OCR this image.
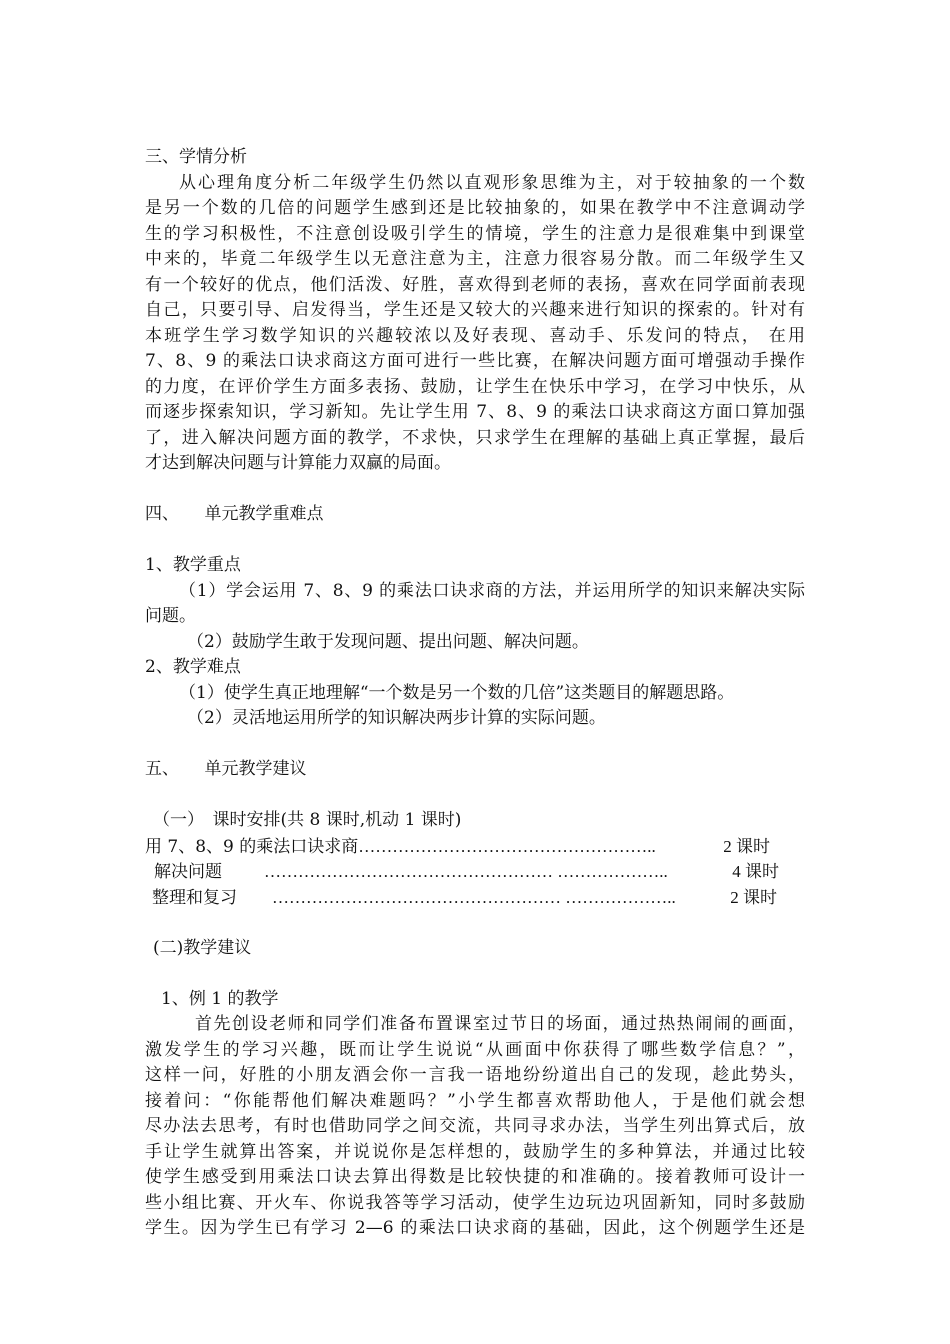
三、学情分析
从心理角度分析二年级学生仍然以直观形象思维为主，对于较抽象的一个数
是另一个数的几倍的问题学生感到还是比较抽象的，如果在教学中不注意调动学
生的学习积极性，不注意创设吸引学生的情境，学生的注意力是很难集中到课堂
中来的，毕竟二年级学生以无意注意为主，注意力很容易分散。而二年级学生又
有一个较好的优点，他们活泼、好胜，喜欢得到老师的表扬，喜欢在同学面前表现
自己，只要引导、启发得当，学生还是又较大的兴趣来进行知识的探索的。针对有
本班学生学习数学知识的兴趣较浓以及好表现、喜动手、乐发问的特点， 在用
7、8、9 的乘法口诀求商这方面可进行一些比赛，在解决问题方面可增强动手操作
的力度，在评价学生方面多表扬、鼓励，让学生在快乐中学习，在学习中快乐，从
而逐步探索知识，学习新知。先让学生用 7、8、9 的乘法口诀求商这方面口算加强
了，进入解决问题方面的教学，不求快，只求学生在理解的基础上真正掌握，最后
才达到解决问题与计算能力双赢的局面。
四、　　单元教学重难点
1、教学重点
（1）学会运用 7、8、9 的乘法口诀求商的方法，并运用所学的知识来解决实际
问题。
（2）鼓励学生敢于发现问题、提出问题、解决问题。
2、教学难点
（1）使学生真正地理解“一个数是另一个数的几倍”这类题目的解题思路。
（2）灵活地运用所学的知识解决两步计算的实际问题。
五、　　单元教学建议
（一）　课时安排(共 8 课时,机动 1 课时)
用 7、8、9 的乘法口诀求商 ……………………………………………..	2 课时
解决问题	…………………………………………… ………………..	4 课时
整理和复习	…………………………………………… ………………..	2 课时
(二)教学建议
1、例 1 的教学
首先创设老师和同学们准备布置课室过节日的场面，通过热热闹闹的画面，
激发学生的学习兴趣，既而让学生说说“从画面中你获得了哪些数学信息？”，
这样一问，好胜的小朋友酒会你一言我一语地纷纷道出自己的发现，趁此势头，
接着问：“你能帮他们解决难题吗？”小学生都喜欢帮助他人，于是他们就会想
尽办法去思考，有时也借助同学之间交流，共同寻求办法，当学生列出算式后，放
手让学生就算出答案，并说说你是怎样想的，鼓励学生的多种算法，并通过比较
使学生感受到用乘法口诀去算出得数是比较快捷的和准确的。接着教师可设计一
些小组比赛、开火车、你说我答等学习活动，使学生边玩边巩固新知，同时多鼓励
学生。因为学生已有学习 2—6 的乘法口诀求商的基础，因此，这个例题学生还是
